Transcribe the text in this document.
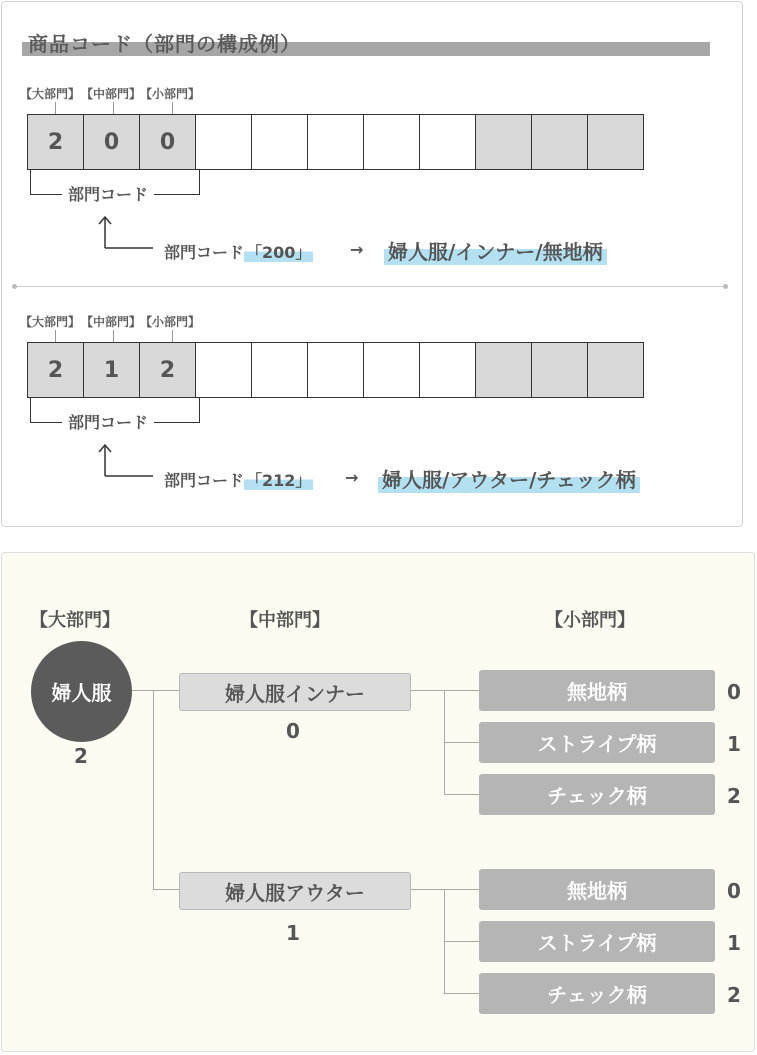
商品コード（部門の構成例）
【大部門】 【中部門】
【小部門】
2	0	0
部門コード
部門コード 「200」 → 婦人服/インナー/無地柄
【大部門】 【中部門】
【小部門】
2	1	2
部門コード
部門コード 「212」 → 婦人服/アウター/チェック柄
【大部門】	【中部門】	【小部門】
婦人服
2
婦人服インナー
0
無地柄	0
ストライプ柄	1
チェック柄	2
婦人服アウター
1
無地柄	0
ストライプ柄	1
チェック柄	2
